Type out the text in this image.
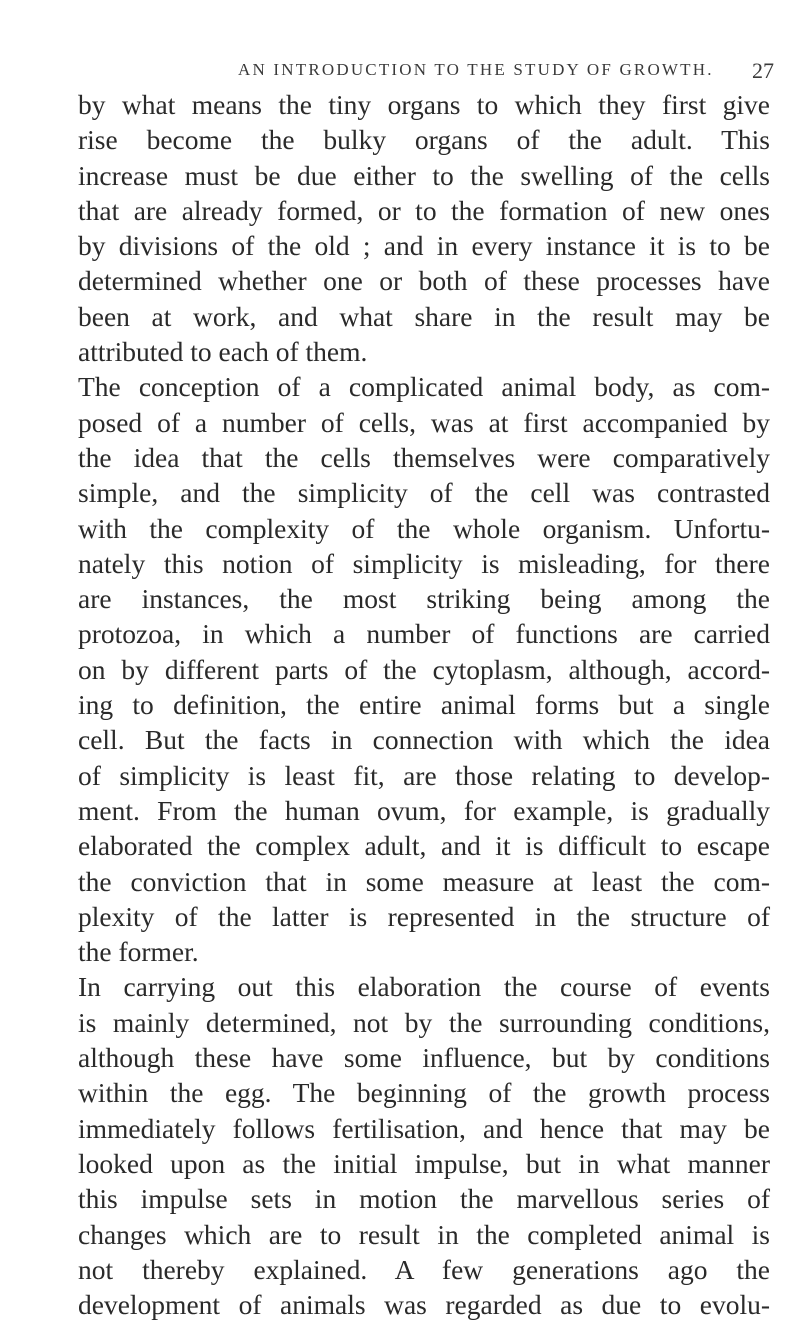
AN INTRODUCTION TO THE STUDY OF GROWTH. 27
by what means the tiny organs to which they first give
rise become the bulky organs of the adult. This
increase must be due either to the swelling of the cells
that are already formed, or to the formation of new ones
by divisions of the old ; and in every instance it is to be
determined whether one or both of these processes have
been at work, and what share in the result may be
attributed to each of them.
The conception of a complicated animal body, as com-
posed of a number of cells, was at first accompanied by
the idea that the cells themselves were comparatively
simple, and the simplicity of the cell was contrasted
with the complexity of the whole organism. Unfortu-
nately this notion of simplicity is misleading, for there
are instances, the most striking being among the
protozoa, in which a number of functions are carried
on by different parts of the cytoplasm, although, accord-
ing to definition, the entire animal forms but a single
cell. But the facts in connection with which the idea
of simplicity is least fit, are those relating to develop-
ment. From the human ovum, for example, is gradually
elaborated the complex adult, and it is difficult to escape
the conviction that in some measure at least the com-
plexity of the latter is represented in the structure of
the former.
In carrying out this elaboration the course of events
is mainly determined, not by the surrounding conditions,
although these have some influence, but by conditions
within the egg. The beginning of the growth process
immediately follows fertilisation, and hence that may be
looked upon as the initial impulse, but in what manner
this impulse sets in motion the marvellous series of
changes which are to result in the completed animal is
not thereby explained. A few generations ago the
development of animals was regarded as due to evolu-
